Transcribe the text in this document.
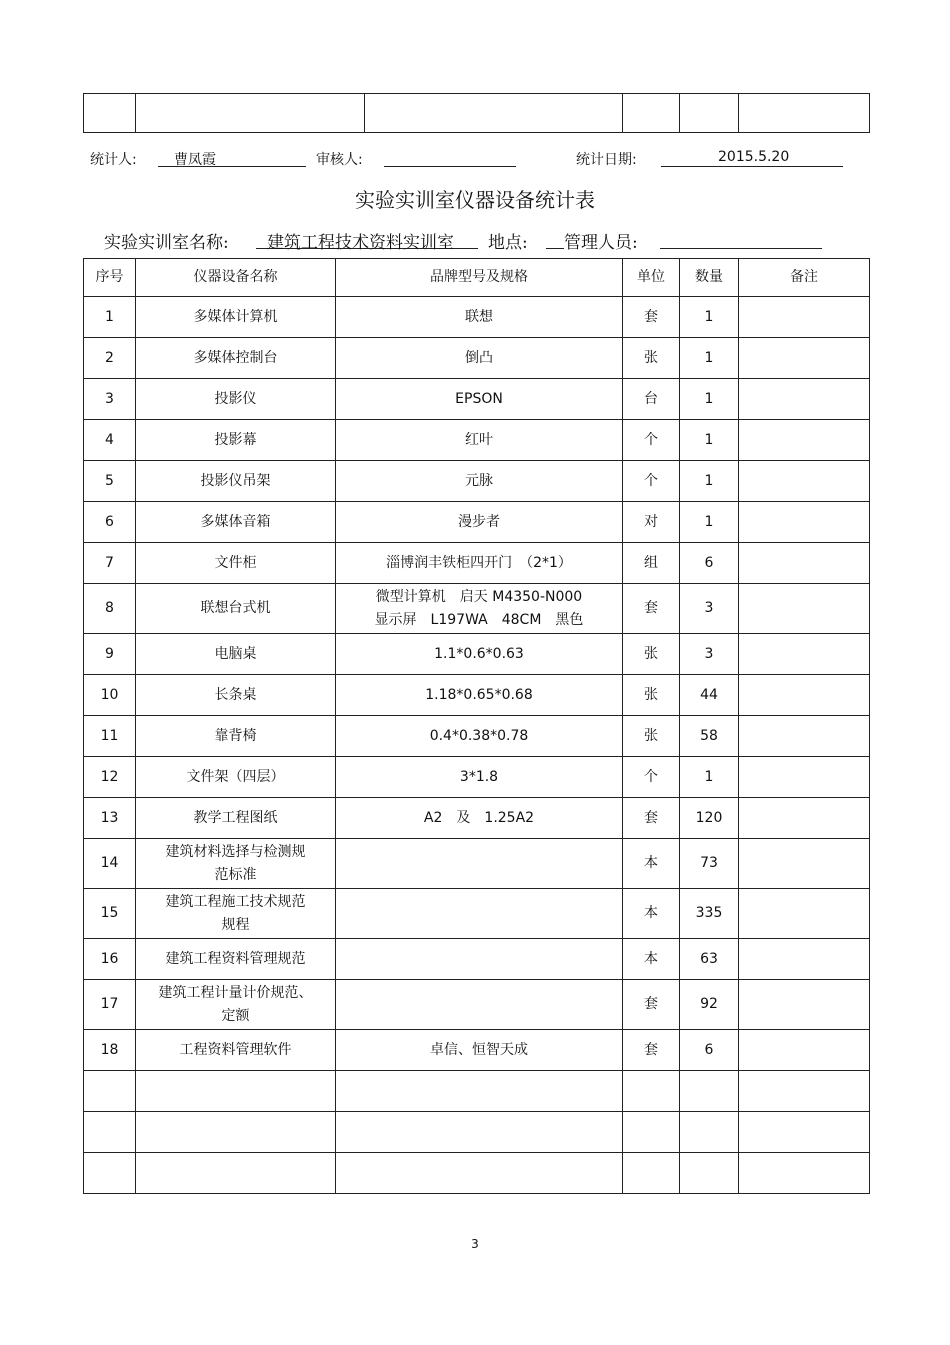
统计人:	曹凤霞	审核人:	统计日期:	2015.5.20
实验实训室仪器设备统计表
实验实训室名称: 建筑工程技术资料实训室 地点: 管理人员:
序号	仪器设备名称	品牌型号及规格	单位	数量	备注
1	多媒体计算机	联想	套	1	
2	多媒体控制台	倒凸	张	1	
3	投影仪	EPSON	台	1	
4	投影幕	红叶	个	1	
5	投影仪吊架	元脉	个	1	
6	多媒体音箱	漫步者	对	1	
7	文件柜	淄博润丰铁柜四开门　（2*1）	组	6	
8	联想台式机	微型计算机　启天 M4350-N000
显示屏　L197WA　48CM　黑色	套	3	
9	电脑桌	1.1*0.6*0.63	张	3	
10	长条桌	1.18*0.65*0.68	张	44	
11	靠背椅	0.4*0.38*0.78	张	58	
12	文件架（四层）	3*1.8	个	1	
13	教学工程图纸	A2　及　1.25A2	套	120	
14	建筑材料选择与检测规
范标准		本	73	
15	建筑工程施工技术规范
规程		本	335	
16	建筑工程资料管理规范		本	63	
17	建筑工程计量计价规范、
定额		套	92	
18	工程资料管理软件	卓信、恒智天成	套	6	

3
